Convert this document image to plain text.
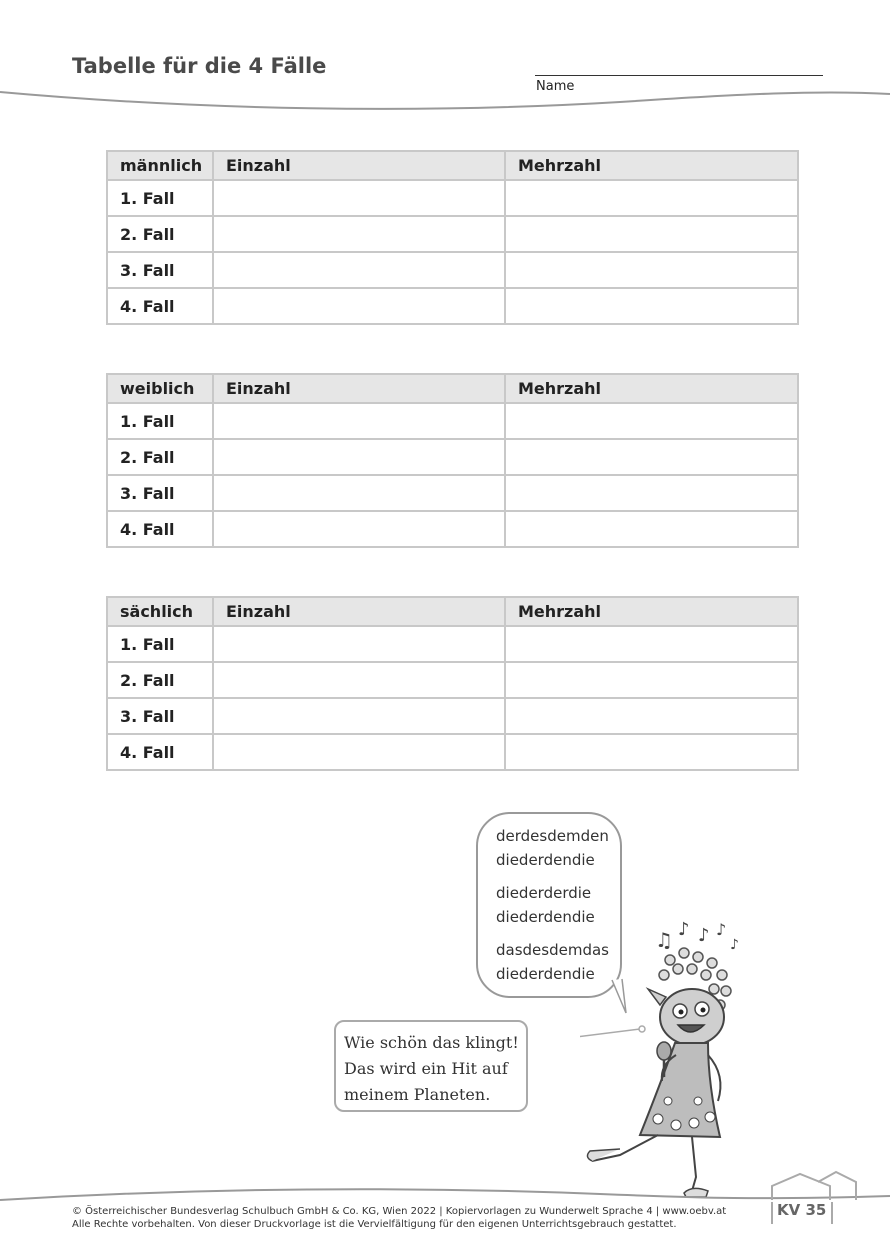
Tabelle für die 4 Fälle
Name
männlich	Einzahl	Mehrzahl
1. Fall		
2. Fall		
3. Fall		
4. Fall		
weiblich	Einzahl	Mehrzahl
1. Fall		
2. Fall		
3. Fall		
4. Fall		
sächlich	Einzahl	Mehrzahl
1. Fall		
2. Fall		
3. Fall		
4. Fall		
derdesdemden
diederdendie
diederderdie
diederdendie
dasdesdemdas
diederdendie
Wie schön das klingt!
Das wird ein Hit auf
meinem Planeten.
♫ ♪ ♪ ♪
♪
© Österreichischer Bundesverlag Schulbuch GmbH & Co. KG, Wien 2022 | Kopiervorlagen zu Wunderwelt Sprache 4 | www.oebv.at
Alle Rechte vorbehalten. Von dieser Druckvorlage ist die Vervielfältigung für den eigenen Unterrichtsgebrauch gestattet.
KV 35
